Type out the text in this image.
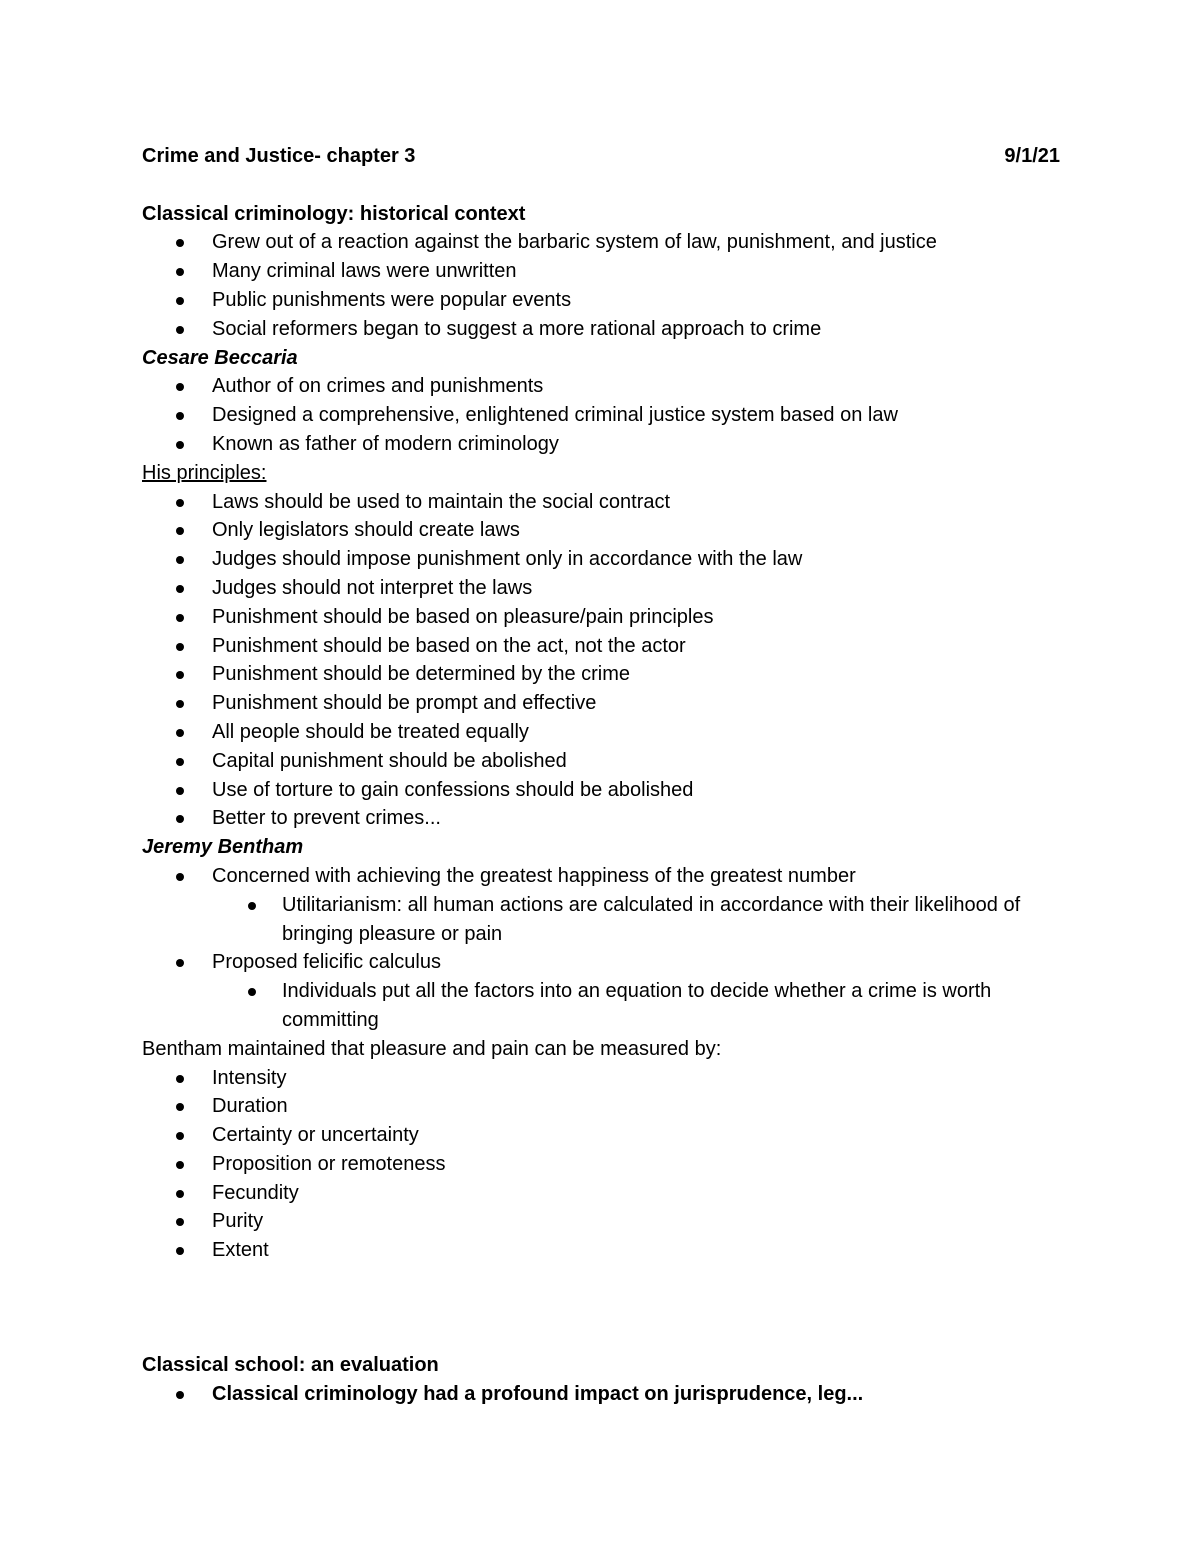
Crime and Justice- chapter 3	9/1/21
Classical criminology: historical context
Grew out of a reaction against the barbaric system of law, punishment, and justice
Many criminal laws were unwritten
Public punishments were popular events
Social reformers began to suggest a more rational approach to crime
Cesare Beccaria
Author of on crimes and punishments
Designed a comprehensive, enlightened criminal justice system based on law
Known as father of modern criminology
His principles:
Laws should be used to maintain the social contract
Only legislators should create laws
Judges should impose punishment only in accordance with the law
Judges should not interpret the laws
Punishment should be based on pleasure/pain principles
Punishment should be based on the act, not the actor
Punishment should be determined by the crime
Punishment should be prompt and effective
All people should be treated equally
Capital punishment should be abolished
Use of torture to gain confessions should be abolished
Better to prevent crimes...
Jeremy Bentham
Concerned with achieving the greatest happiness of the greatest number
Utilitarianism: all human actions are calculated in accordance with their likelihood of bringing pleasure or pain
Proposed felicific calculus
Individuals put all the factors into an equation to decide whether a crime is worth committing
Bentham maintained that pleasure and pain can be measured by:
Intensity
Duration
Certainty or uncertainty
Proposition or remoteness
Fecundity
Purity
Extent
Classical school: an evaluation
Classical criminology had a profound impact on jurisprudence, leg...
